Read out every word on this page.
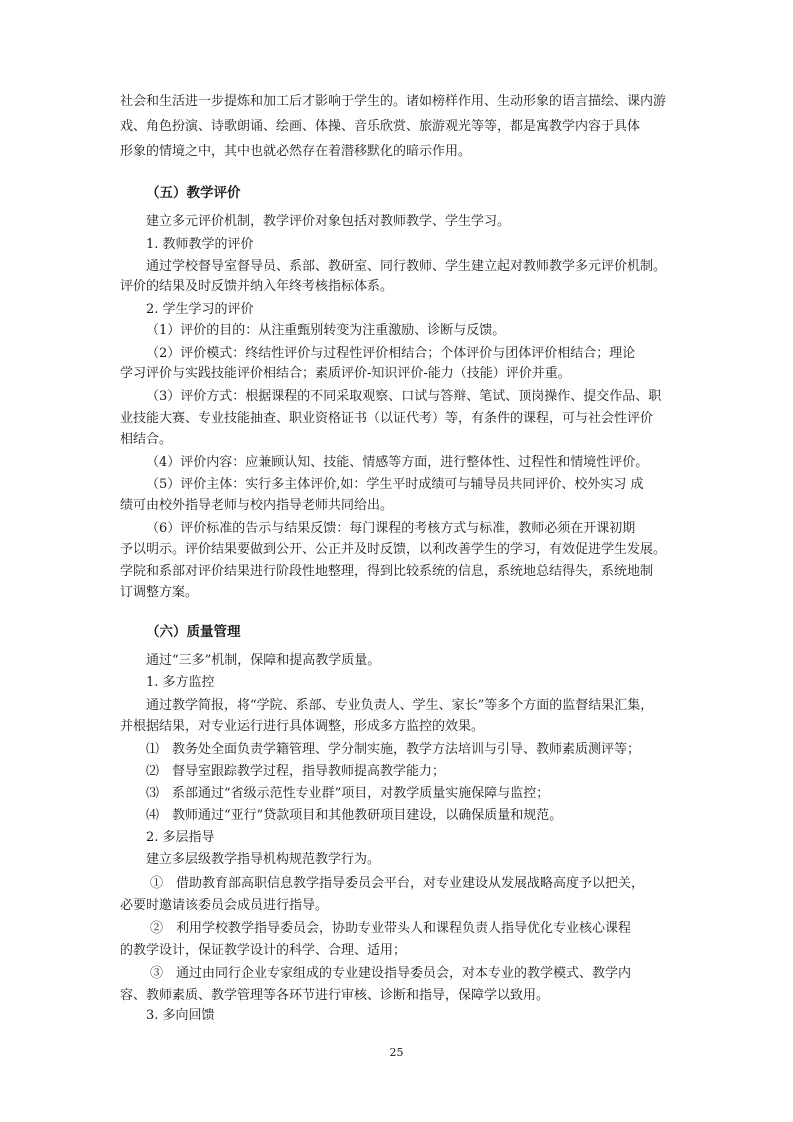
社会和生活进一步提炼和加工后才影响于学生的。诸如榜样作用、生动形象的语言描绘、课内游
戏、角色扮演、诗歌朗诵、绘画、体操、音乐欣赏、旅游观光等等，都是寓教学内容于具体
形象的情境之中，其中也就必然存在着潜移默化的暗示作用。
（五）教学评价
建立多元评价机制，教学评价对象包括对教师教学、学生学习。
1. 教师教学的评价
通过学校督导室督导员、系部、教研室、同行教师、学生建立起对教师教学多元评价机制。
评价的结果及时反馈并纳入年终考核指标体系。
2. 学生学习的评价
（1）评价的目的：从注重甄别转变为注重激励、诊断与反馈。
（2）评价模式：终结性评价与过程性评价相结合；个体评价与团体评价相结合；理论
学习评价与实践技能评价相结合；素质评价-知识评价-能力（技能）评价并重。
（3）评价方式：根据课程的不同采取观察、口试与答辩、笔试、顶岗操作、提交作品、职
业技能大赛、专业技能抽查、职业资格证书（以证代考）等，有条件的课程，可与社会性评价
相结合。
（4）评价内容：应兼顾认知、技能、情感等方面，进行整体性、过程性和情境性评价。
（5）评价主体：实行多主体评价,如：学生平时成绩可与辅导员共同评价、校外实习 成
绩可由校外指导老师与校内指导老师共同给出。
（6）评价标准的告示与结果反馈：每门课程的考核方式与标准，教师必须在开课初期
予以明示。评价结果要做到公开、公正并及时反馈，以利改善学生的学习，有效促进学生发展。
学院和系部对评价结果进行阶段性地整理，得到比较系统的信息，系统地总结得失，系统地制
订调整方案。
（六）质量管理
通过“三多”机制，保障和提高教学质量。
1. 多方监控
通过教学简报，将“学院、系部、专业负责人、学生、家长”等多个方面的监督结果汇集，
并根据结果，对专业运行进行具体调整，形成多方监控的效果。
⑴　教务处全面负责学籍管理、学分制实施，教学方法培训与引导、教师素质测评等；
⑵　督导室跟踪教学过程，指导教师提高教学能力；
⑶　系部通过“省级示范性专业群”项目，对教学质量实施保障与监控；
⑷　教师通过“亚行”贷款项目和其他教研项目建设，以确保质量和规范。
2. 多层指导
建立多层级教学指导机构规范教学行为。
①　借助教育部高职信息教学指导委员会平台，对专业建设从发展战略高度予以把关，
必要时邀请该委员会成员进行指导。
②　利用学校教学指导委员会，协助专业带头人和课程负责人指导优化专业核心课程
的教学设计，保证教学设计的科学、合理、适用；
③　通过由同行企业专家组成的专业建设指导委员会，对本专业的教学模式、教学内
容、教师素质、教学管理等各环节进行审核、诊断和指导，保障学以致用。
3. 多向回馈
25
